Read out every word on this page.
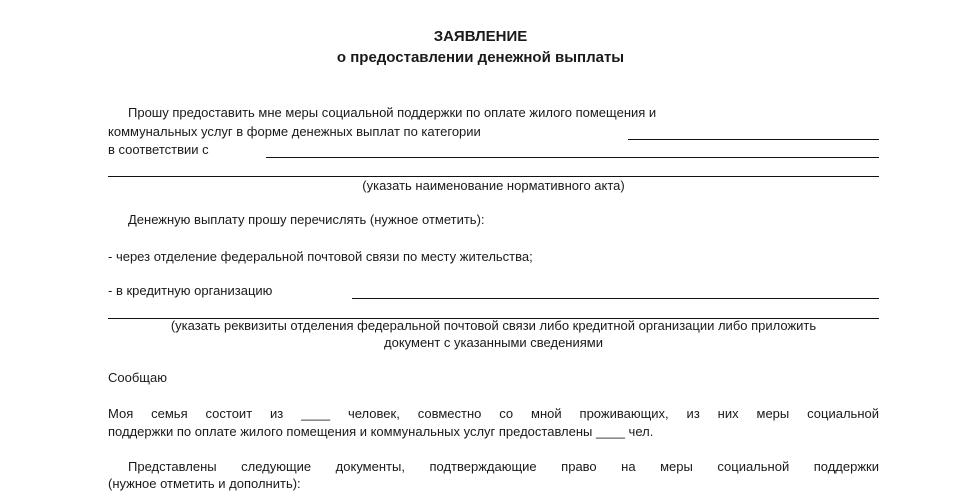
ЗАЯВЛЕНИЕ
о предоставлении денежной выплаты
Прошу предоставить мне меры социальной поддержки по оплате жилого помещения и
коммунальных услуг в форме денежных выплат по категории
в соответствии с
(указать наименование нормативного акта)
Денежную выплату прошу перечислять (нужное отметить):
- через отделение федеральной почтовой связи по месту жительства;
- в кредитную организацию
(указать реквизиты отделения федеральной почтовой связи либо кредитной организации либо приложить
документ с указанными сведениями
Сообщаю
Моя семья состоит из ____ человек, совместно со мной проживающих, из них меры социальной
поддержки по оплате жилого помещения и коммунальных услуг предоставлены ____ чел.
Представлены следующие документы, подтверждающие право на меры социальной поддержки
(нужное отметить и дополнить):
